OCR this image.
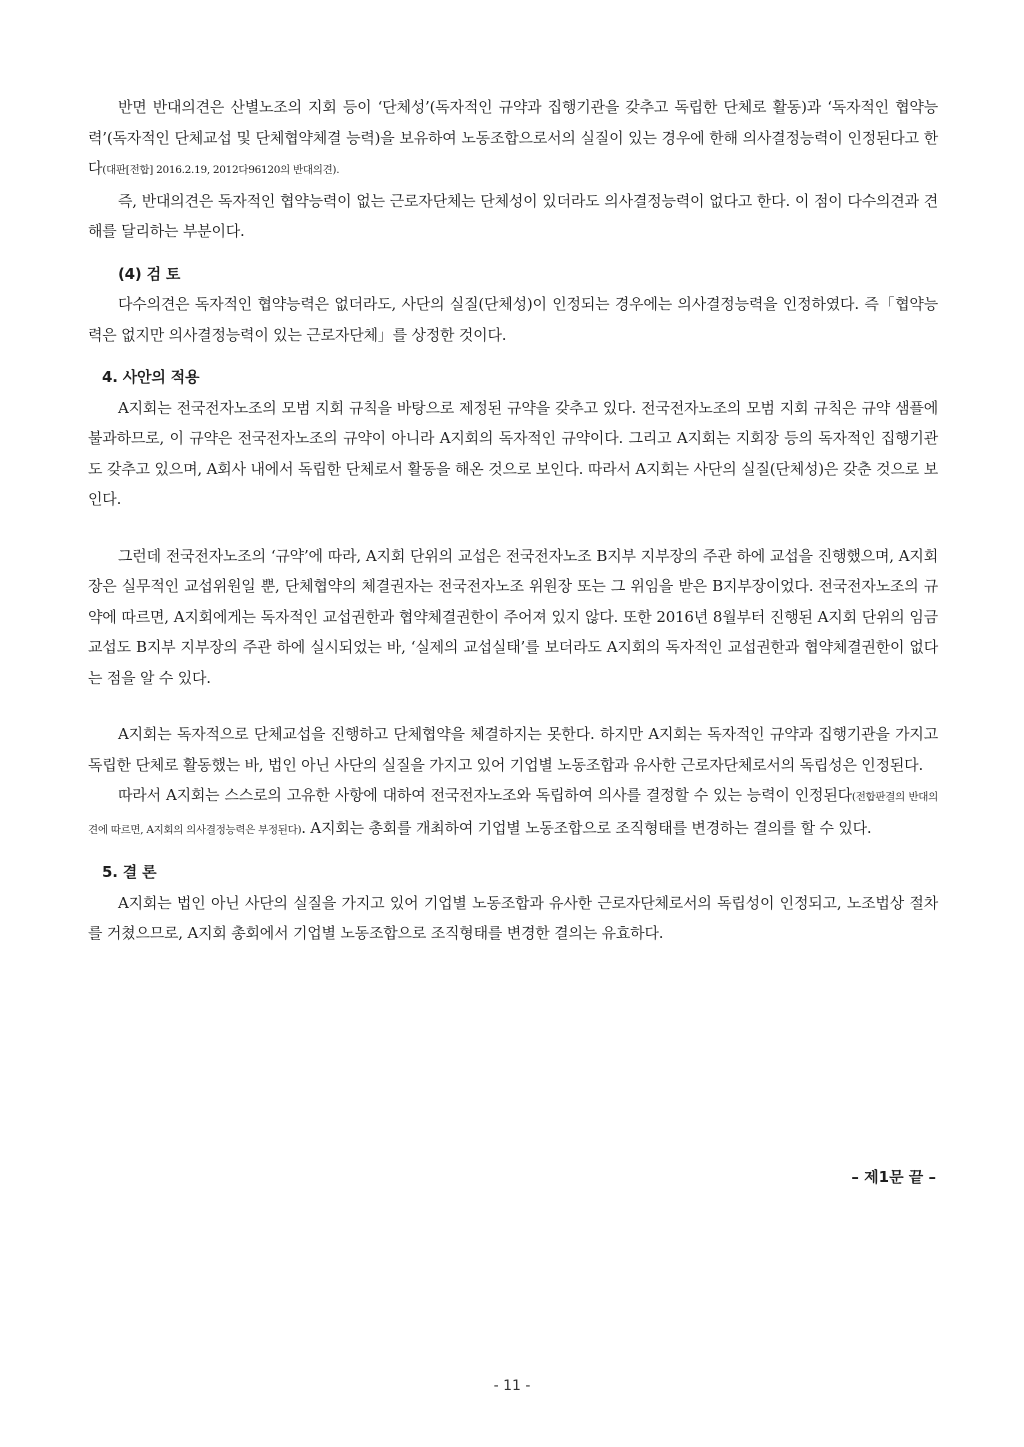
반면 반대의견은 산별노조의 지회 등이 ‘단체성’(독자적인 규약과 집행기관을 갖추고 독립한 단체로 활동)과 ‘독자적인 협약능력’(독자적인 단체교섭 및 단체협약체결 능력)을 보유하여 노동조합으로서의 실질이 있는 경우에 한해 의사결정능력이 인정된다고 한다(대판[전합] 2016.2.19, 2012다96120의 반대의견).

즉, 반대의견은 독자적인 협약능력이 없는 근로자단체는 단체성이 있더라도 의사결정능력이 없다고 한다. 이 점이 다수의견과 견해를 달리하는 부분이다.

(4) 검 토

다수의견은 독자적인 협약능력은 없더라도, 사단의 실질(단체성)이 인정되는 경우에는 의사결정능력을 인정하였다. 즉「협약능력은 없지만 의사결정능력이 있는 근로자단체」를 상정한 것이다.

4. 사안의 적용

A지회는 전국전자노조의 모범 지회 규칙을 바탕으로 제정된 규약을 갖추고 있다. 전국전자노조의 모범 지회 규칙은 규약 샘플에 불과하므로, 이 규약은 전국전자노조의 규약이 아니라 A지회의 독자적인 규약이다. 그리고 A지회는 지회장 등의 독자적인 집행기관도 갖추고 있으며, A회사 내에서 독립한 단체로서 활동을 해온 것으로 보인다. 따라서 A지회는 사단의 실질(단체성)은 갖춘 것으로 보인다.

그런데 전국전자노조의 ‘규약’에 따라, A지회 단위의 교섭은 전국전자노조 B지부 지부장의 주관 하에 교섭을 진행했으며, A지회장은 실무적인 교섭위원일 뿐, 단체협약의 체결권자는 전국전자노조 위원장 또는 그 위임을 받은 B지부장이었다. 전국전자노조의 규약에 따르면, A지회에게는 독자적인 교섭권한과 협약체결권한이 주어져 있지 않다. 또한 2016년 8월부터 진행된 A지회 단위의 임금교섭도 B지부 지부장의 주관 하에 실시되었는 바, ‘실제의 교섭실태’를 보더라도 A지회의 독자적인 교섭권한과 협약체결권한이 없다는 점을 알 수 있다.

A지회는 독자적으로 단체교섭을 진행하고 단체협약을 체결하지는 못한다. 하지만 A지회는 독자적인 규약과 집행기관을 가지고 독립한 단체로 활동했는 바, 법인 아닌 사단의 실질을 가지고 있어 기업별 노동조합과 유사한 근로자단체로서의 독립성은 인정된다.

따라서 A지회는 스스로의 고유한 사항에 대하여 전국전자노조와 독립하여 의사를 결정할 수 있는 능력이 인정된다(전합판결의 반대의견에 따르면, A지회의 의사결정능력은 부정된다). A지회는 총회를 개최하여 기업별 노동조합으로 조직형태를 변경하는 결의를 할 수 있다.

5. 결 론

A지회는 법인 아닌 사단의 실질을 가지고 있어 기업별 노동조합과 유사한 근로자단체로서의 독립성이 인정되고, 노조법상 절차를 거쳤으므로, A지회 총회에서 기업별 노동조합으로 조직형태를 변경한 결의는 유효하다.

– 제1문 끝 –
- 11 -
